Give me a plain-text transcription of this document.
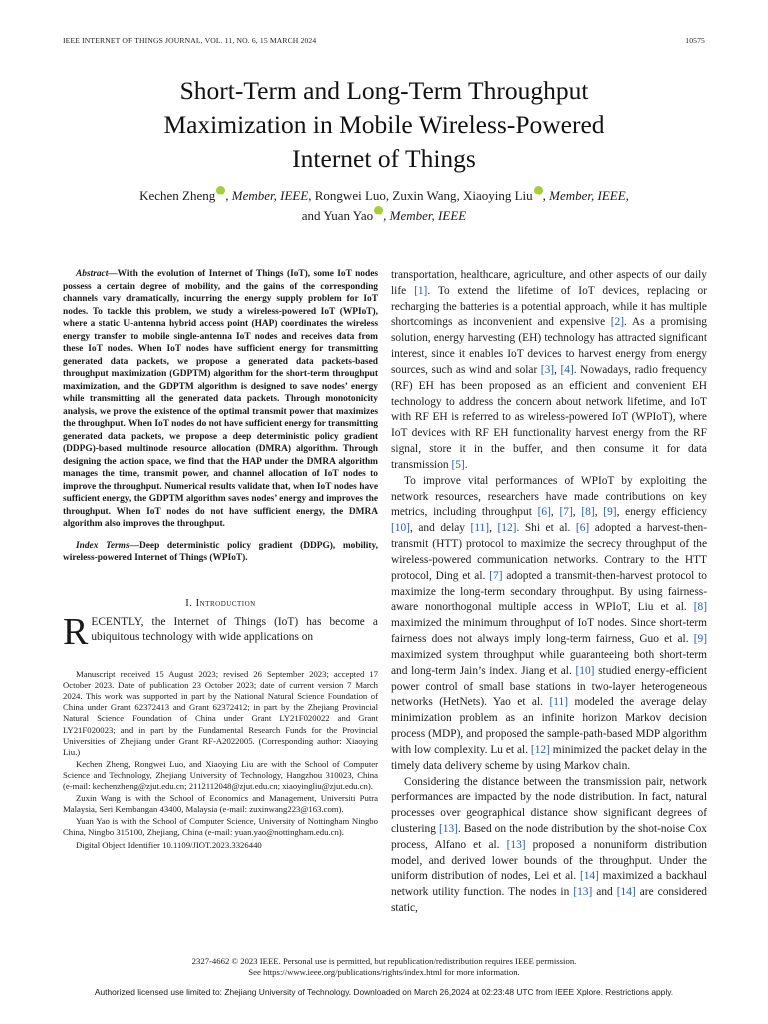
IEEE INTERNET OF THINGS JOURNAL, VOL. 11, NO. 6, 15 MARCH 2024	10575
Short-Term and Long-Term Throughput
Maximization in Mobile Wireless-Powered
Internet of Things
Kechen Zheng iD , Member, IEEE, Rongwei Luo, Zuxin Wang, Xiaoying Liu iD , Member, IEEE,
and Yuan Yao iD , Member, IEEE

Abstract—With the evolution of Internet of Things (IoT), some IoT nodes possess a certain degree of mobility, and the gains of the corresponding channels vary dramatically, incurring the energy supply problem for IoT nodes. To tackle this problem, we study a wireless-powered IoT (WPIoT), where a static U-antenna hybrid access point (HAP) coordinates the wireless energy transfer to mobile single-antenna IoT nodes and receives data from these IoT nodes. When IoT nodes have sufficient energy for transmitting generated data packets, we propose a generated data packets-based throughput maximization (GDPTM) algorithm for the short-term throughput maximization, and the GDPTM algorithm is designed to save nodes’ energy while transmitting all the generated data packets. Through monotonicity analysis, we prove the existence of the optimal transmit power that maximizes the throughput. When IoT nodes do not have sufficient energy for transmitting generated data packets, we propose a deep deterministic policy gradient (DDPG)-based multinode resource allocation (DMRA) algorithm. Through designing the action space, we find that the HAP under the DMRA algorithm manages the time, transmit power, and channel allocation of IoT nodes to improve the throughput. Numerical results validate that, when IoT nodes have sufficient energy, the GDPTM algorithm saves nodes’ energy and improves the throughput. When IoT nodes do not have sufficient energy, the DMRA algorithm also improves the throughput.

Index Terms—Deep deterministic policy gradient (DDPG), mobility, wireless-powered Internet of Things (WPIoT).

I. Introduction

RECENTLY, the Internet of Things (IoT) has become a ubiquitous technology with wide applications on

Manuscript received 15 August 2023; revised 26 September 2023; accepted 17 October 2023. Date of publication 23 October 2023; date of current version 7 March 2024. This work was supported in part by the National Natural Science Foundation of China under Grant 62372413 and Grant 62372412; in part by the Zhejiang Provincial Natural Science Foundation of China under Grant LY21F020022 and Grant LY21F020023; and in part by the Fundamental Research Funds for the Provincial Universities of Zhejiang under Grant RF-A2022005. (Corresponding author: Xiaoying Liu.)

Kechen Zheng, Rongwei Luo, and Xiaoying Liu are with the School of Computer Science and Technology, Zhejiang University of Technology, Hangzhou 310023, China (e-mail: kechenzheng@zjut.edu.cn; 2112112048@zjut.edu.cn; xiaoyingliu@zjut.edu.cn).

Zuxin Wang is with the School of Economics and Management, Universiti Putra Malaysia, Seri Kembangan 43400, Malaysia (e-mail: zuxinwang223@163.com).

Yuan Yao is with the School of Computer Science, University of Nottingham Ningbo China, Ningbo 315100, Zhejiang, China (e-mail: yuan.yao@nottingham.edu.cn).

Digital Object Identifier 10.1109/JIOT.2023.3326440

transportation, healthcare, agriculture, and other aspects of our daily life [1]. To extend the lifetime of IoT devices, replacing or recharging the batteries is a potential approach, while it has multiple shortcomings as inconvenient and expensive [2]. As a promising solution, energy harvesting (EH) technology has attracted significant interest, since it enables IoT devices to harvest energy from energy sources, such as wind and solar [3], [4]. Nowadays, radio frequency (RF) EH has been proposed as an efficient and convenient EH technology to address the concern about network lifetime, and IoT with RF EH is referred to as wireless-powered IoT (WPIoT), where IoT devices with RF EH functionality harvest energy from the RF signal, store it in the buffer, and then consume it for data transmission [5].

To improve vital performances of WPIoT by exploiting the network resources, researchers have made contributions on key metrics, including throughput [6], [7], [8], [9], energy efficiency [10], and delay [11], [12]. Shi et al. [6] adopted a harvest-then-transmit (HTT) protocol to maximize the secrecy throughput of the wireless-powered communication networks. Contrary to the HTT protocol, Ding et al. [7] adopted a transmit-then-harvest protocol to maximize the long-term secondary throughput. By using fairness-aware nonorthogonal multiple access in WPIoT, Liu et al. [8] maximized the minimum throughput of IoT nodes. Since short-term fairness does not always imply long-term fairness, Guo et al. [9] maximized system throughput while guaranteeing both short-term and long-term Jain’s index. Jiang et al. [10] studied energy-efficient power control of small base stations in two-layer heterogeneous networks (HetNets). Yao et al. [11] modeled the average delay minimization problem as an infinite horizon Markov decision process (MDP), and proposed the sample-path-based MDP algorithm with low complexity. Lu et al. [12] minimized the packet delay in the timely data delivery scheme by using Markov chain.

Considering the distance between the transmission pair, network performances are impacted by the node distribution. In fact, natural processes over geographical distance show significant degrees of clustering [13]. Based on the node distribution by the shot-noise Cox process, Alfano et al. [13] proposed a nonuniform distribution model, and derived lower bounds of the throughput. Under the uniform distribution of nodes, Lei et al. [14] maximized a backhaul network utility function. The nodes in [13] and [14] are considered static,

2327-4662 © 2023 IEEE. Personal use is permitted, but republication/redistribution requires IEEE permission.
See https://www.ieee.org/publications/rights/index.html for more information.
Authorized licensed use limited to: Zhejiang University of Technology. Downloaded on March 26,2024 at 02:23:48 UTC from IEEE Xplore. Restrictions apply.
